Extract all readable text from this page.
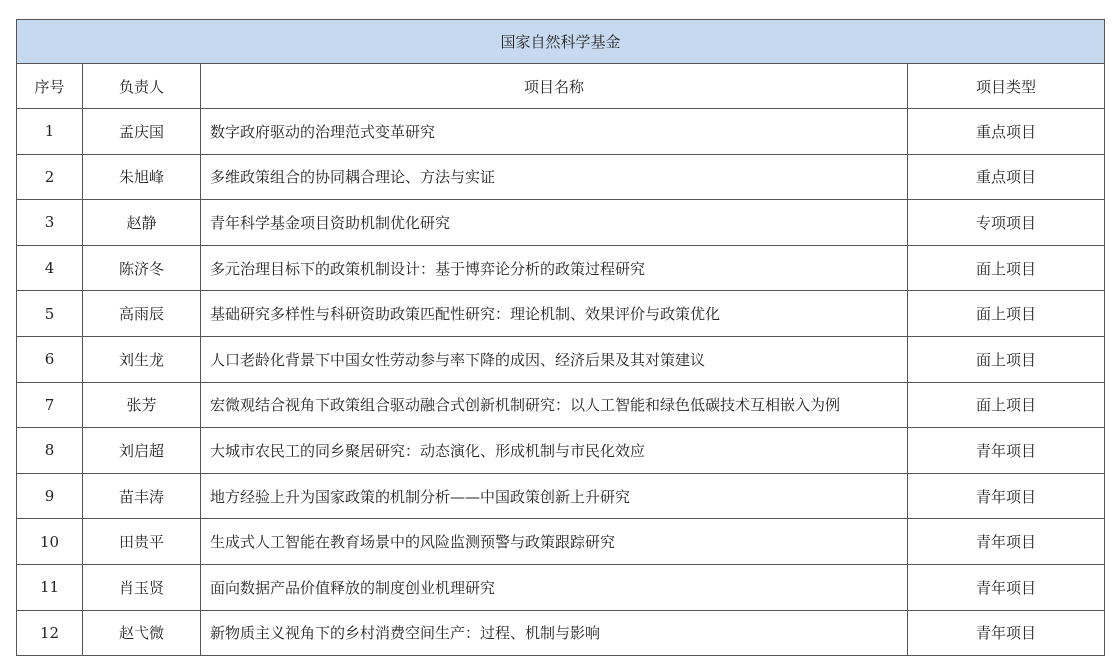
国家自然科学基金			
序号	负责人	项目名称	项目类型
1	孟庆国	数字政府驱动的治理范式变革研究	重点项目
2	朱旭峰	多维政策组合的协同耦合理论、方法与实证	重点项目
3	赵静	青年科学基金项目资助机制优化研究	专项项目
4	陈济冬	多元治理目标下的政策机制设计：基于博弈论分析的政策过程研究	面上项目
5	高雨辰	基础研究多样性与科研资助政策匹配性研究：理论机制、效果评价与政策优化	面上项目
6	刘生龙	人口老龄化背景下中国女性劳动参与率下降的成因、经济后果及其对策建议	面上项目
7	张芳	宏微观结合视角下政策组合驱动融合式创新机制研究：以人工智能和绿色低碳技术互相嵌入为例	面上项目
8	刘启超	大城市农民工的同乡聚居研究：动态演化、形成机制与市民化效应	青年项目
9	苗丰涛	地方经验上升为国家政策的机制分析——中国政策创新上升研究	青年项目
10	田贵平	生成式人工智能在教育场景中的风险监测预警与政策跟踪研究	青年项目
11	肖玉贤	面向数据产品价值释放的制度创业机理研究	青年项目
12	赵弋微	新物质主义视角下的乡村消费空间生产：过程、机制与影响	青年项目
